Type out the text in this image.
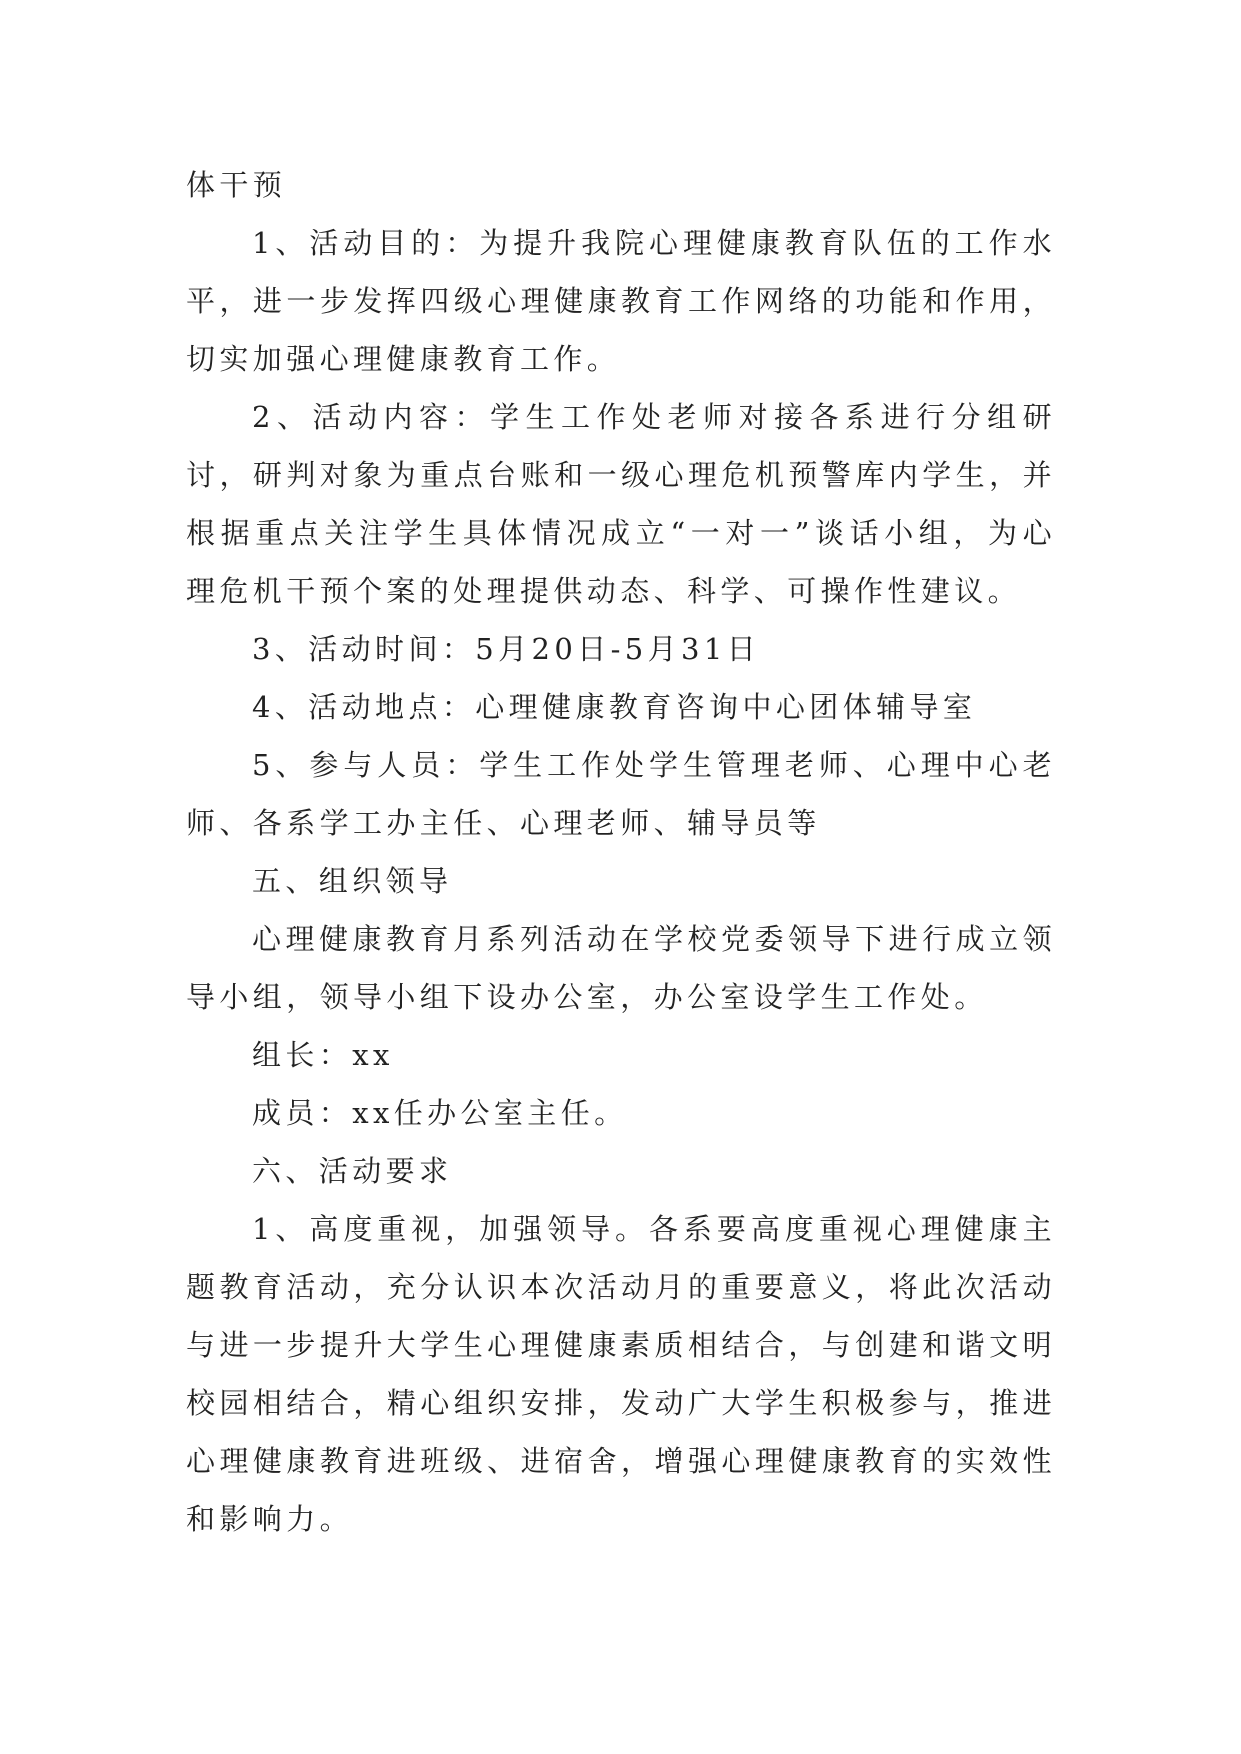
体干预

1、活动目的：为提升我院心理健康教育队伍的工作水平，进一步发挥四级心理健康教育工作网络的功能和作用，切实加强心理健康教育工作。

2、活动内容：学生工作处老师对接各系进行分组研讨，研判对象为重点台账和一级心理危机预警库内学生，并根据重点关注学生具体情况成立“一对一”谈话小组，为心理危机干预个案的处理提供动态、科学、可操作性建议。

3、活动时间：5月20日-5月31日

4、活动地点：心理健康教育咨询中心团体辅导室

5、参与人员：学生工作处学生管理老师、心理中心老师、各系学工办主任、心理老师、辅导员等

五、组织领导

心理健康教育月系列活动在学校党委领导下进行成立领导小组，领导小组下设办公室，办公室设学生工作处。

组长：xx

成员：xx任办公室主任。

六、活动要求

1、高度重视，加强领导。各系要高度重视心理健康主题教育活动，充分认识本次活动月的重要意义，将此次活动与进一步提升大学生心理健康素质相结合，与创建和谐文明校园相结合，精心组织安排，发动广大学生积极参与，推进心理健康教育进班级、进宿舍，增强心理健康教育的实效性和影响力。
